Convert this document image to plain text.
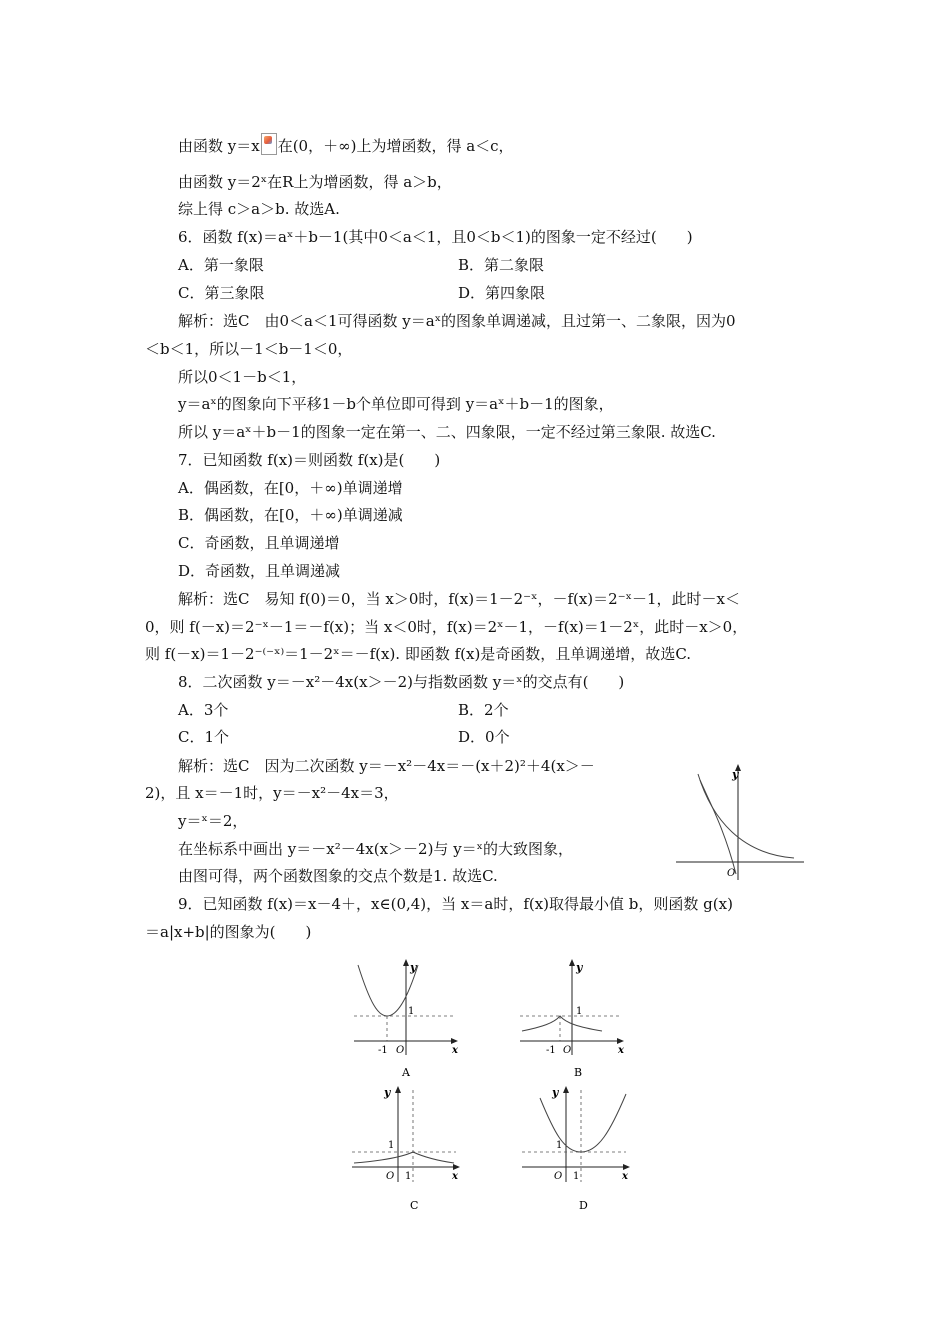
由函数 y＝x 在(0，＋∞)上为增函数，得 a＜c，
由函数 y＝2ˣ在R上为增函数，得 a＞b，
综上得 c＞a＞b. 故选A.
6．函数 f(x)＝aˣ＋b－1(其中0＜a＜1，且0＜b＜1)的图象一定不经过(　　)
A．第一象限	B．第二象限
C．第三象限	D．第四象限
解析：选C　由0＜a＜1可得函数 y＝aˣ的图象单调递减，且过第一、二象限，因为0
＜b＜1，所以－1＜b－1＜0，
所以0＜1－b＜1，
y＝aˣ的图象向下平移1－b个单位即可得到 y＝aˣ＋b－1的图象，
所以 y＝aˣ＋b－1的图象一定在第一、二、四象限，一定不经过第三象限. 故选C.
7．已知函数 f(x)＝则函数 f(x)是(　　)
A．偶函数，在[0，＋∞)单调递增
B．偶函数，在[0，＋∞)单调递减
C．奇函数，且单调递增
D．奇函数，且单调递减
解析：选C　易知 f(0)＝0，当 x＞0时，f(x)＝1－2⁻ˣ，－f(x)＝2⁻ˣ－1，此时－x＜
0，则 f(－x)＝2⁻ˣ－1＝－f(x)；当 x＜0时，f(x)＝2ˣ－1，－f(x)＝1－2ˣ，此时－x＞0，
则 f(－x)＝1－2⁻⁽⁻ˣ⁾＝1－2ˣ＝－f(x). 即函数 f(x)是奇函数，且单调递增，故选C.
8．二次函数 y＝－x²－4x(x＞－2)与指数函数 y＝ˣ的交点有(　　)
A．3个	B．2个
C．1个	D．0个
解析：选C　因为二次函数 y＝－x²－4x＝－(x＋2)²＋4(x＞－
2)，且 x＝－1时，y＝－x²－4x＝3，
y＝ˣ＝2，
在坐标系中画出 y＝－x²－4x(x＞－2)与 y＝ˣ的大致图象，
由图可得，两个函数图象的交点个数是1. 故选C.
9．已知函数 f(x)＝x－4＋，x∈(0,4)，当 x＝a时，f(x)取得最小值 b，则函数 g(x)
＝a|x+b|的图象为(　　)
y
O
y
x
1
-1 O
A
y
x
1
-1 O
B
y
x
1
O 1
C
y
x
1
O 1
D
